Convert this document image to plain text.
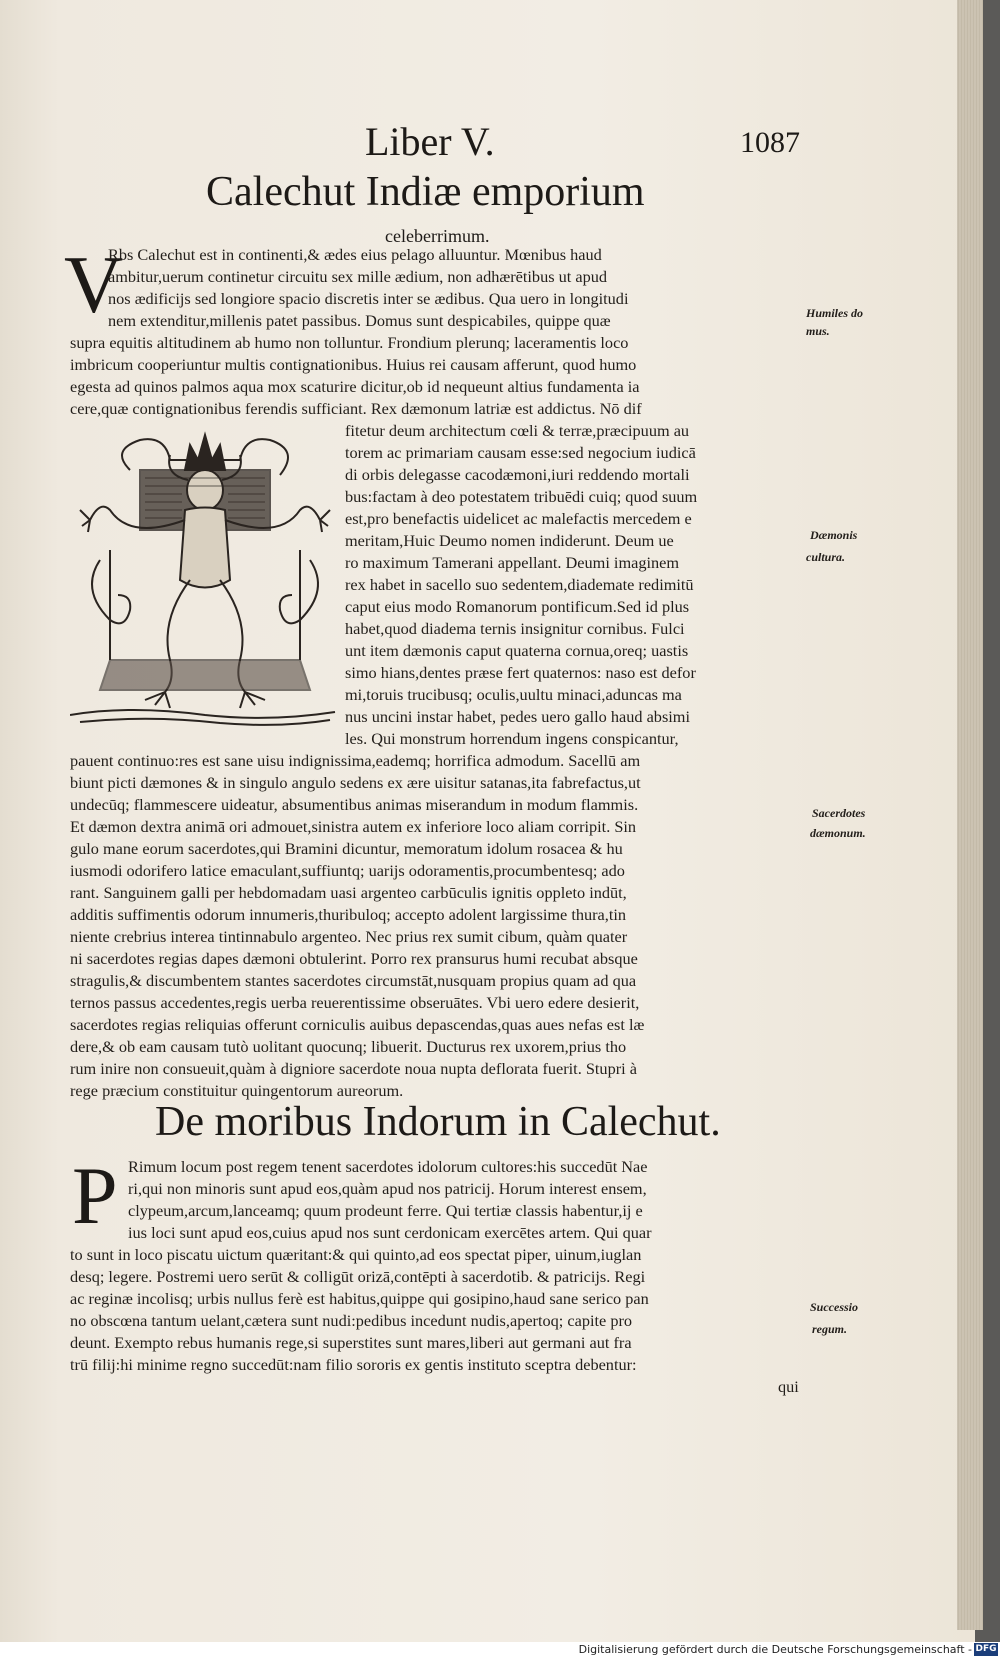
Liber V.	1087
Calechut Indiæ emporium
celeberrimum.
V
Rbs Calechut est in continenti,& ædes eius pelago alluuntur. Mœnibus haud
ambitur,uerum continetur circuitu sex mille ædium, non adhærētibus ut apud
nos ædificijs sed longiore spacio discretis inter se ædibus. Qua uero in longitudi
nem extenditur,millenis patet passibus. Domus sunt despicabiles, quippe quæ
supra equitis altitudinem ab humo non tolluntur. Frondium plerunq; laceramentis loco
imbricum cooperiuntur multis contignationibus. Huius rei causam afferunt, quod humo
egesta ad quinos palmos aqua mox scaturire dicitur,ob id nequeunt altius fundamenta ia
cere,quæ contignationibus ferendis sufficiant. Rex dæmonum latriæ est addictus. Nō dif
fitetur deum architectum cœli & terræ,præcipuum au
torem ac primariam causam esse:sed negocium iudicā
di orbis delegasse cacodæmoni,iuri reddendo mortali
bus:factam à deo potestatem tribuēdi cuiq; quod suum
est,pro benefactis uidelicet ac malefactis mercedem e
meritam,Huic Deumo nomen indiderunt. Deum ue
ro maximum Tamerani appellant. Deumi imaginem
rex habet in sacello suo sedentem,diademate redimitū
caput eius modo Romanorum pontificum.Sed id plus
habet,quod diadema ternis insignitur cornibus. Fulci
unt item dæmonis caput quaterna cornua,oreq; uastis
simo hians,dentes præse fert quaternos: naso est defor
mi,toruis trucibusq; oculis,uultu minaci,aduncas ma
nus uncini instar habet, pedes uero gallo haud absimi
les. Qui monstrum horrendum ingens conspicantur,
pauent continuo:res est sane uisu indignissima,eademq; horrifica admodum. Sacellū am
biunt picti dæmones & in singulo angulo sedens ex ære uisitur satanas,ita fabrefactus,ut
undecūq; flammescere uideatur, absumentibus animas miserandum in modum flammis.
Et dæmon dextra animā ori admouet,sinistra autem ex inferiore loco aliam corripit. Sin
gulo mane eorum sacerdotes,qui Bramini dicuntur, memoratum idolum rosacea & hu
iusmodi odorifero latice emaculant,suffiuntq; uarijs odoramentis,procumbentesq; ado
rant. Sanguinem galli per hebdomadam uasi argenteo carbūculis ignitis oppleto indūt,
additis suffimentis odorum innumeris,thuribuloq; accepto adolent largissime thura,tin
niente crebrius interea tintinnabulo argenteo. Nec prius rex sumit cibum, quàm quater
ni sacerdotes regias dapes dæmoni obtulerint. Porro rex pransurus humi recubat absque
stragulis,& discumbentem stantes sacerdotes circumstāt,nusquam propius quam ad qua
ternos passus accedentes,regis uerba reuerentissime obseruātes. Vbi uero edere desierit,
sacerdotes regias reliquias offerunt corniculis auibus depascendas,quas aues nefas est læ
dere,& ob eam causam tutò uolitant quocunq; libuerit. Ducturus rex uxorem,prius tho
rum inire non consueuit,quàm à digniore sacerdote noua nupta deflorata fuerit. Stupri à
rege præcium constituitur quingentorum aureorum.
De moribus Indorum in Calechut.
P Rimum locum post regem tenent sacerdotes idolorum cultores:his succedūt Nae
ri,qui non minoris sunt apud eos,quàm apud nos patricij. Horum interest ensem,
clypeum,arcum,lanceamq; quum prodeunt ferre. Qui tertiæ classis habentur,ij e
ius loci sunt apud eos,cuius apud nos sunt cerdonicam exercētes artem. Qui quar
to sunt in loco piscatu uictum quæritant:& qui quinto,ad eos spectat piper, uinum,iuglan
desq; legere. Postremi uero serūt & colligūt orizā,contēpti à sacerdotib. & patricijs. Regi
ac reginæ incolisq; urbis nullus ferè est habitus,quippe qui gosipino,haud sane serico pan
no obscœna tantum uelant,cætera sunt nudi:pedibus incedunt nudis,apertoq; capite pro
deunt. Exempto rebus humanis rege,si superstites sunt mares,liberi aut germani aut fra
trū filij:hi minime regno succedūt:nam filio sororis ex gentis instituto sceptra debentur:
qui
Humiles do
mus.
Dæmonis
cultura.
Sacerdotes
dæmonum.
Successio
regum.
Digitalisierung gefördert durch die Deutsche Forschungsgemeinschaft - DFG
